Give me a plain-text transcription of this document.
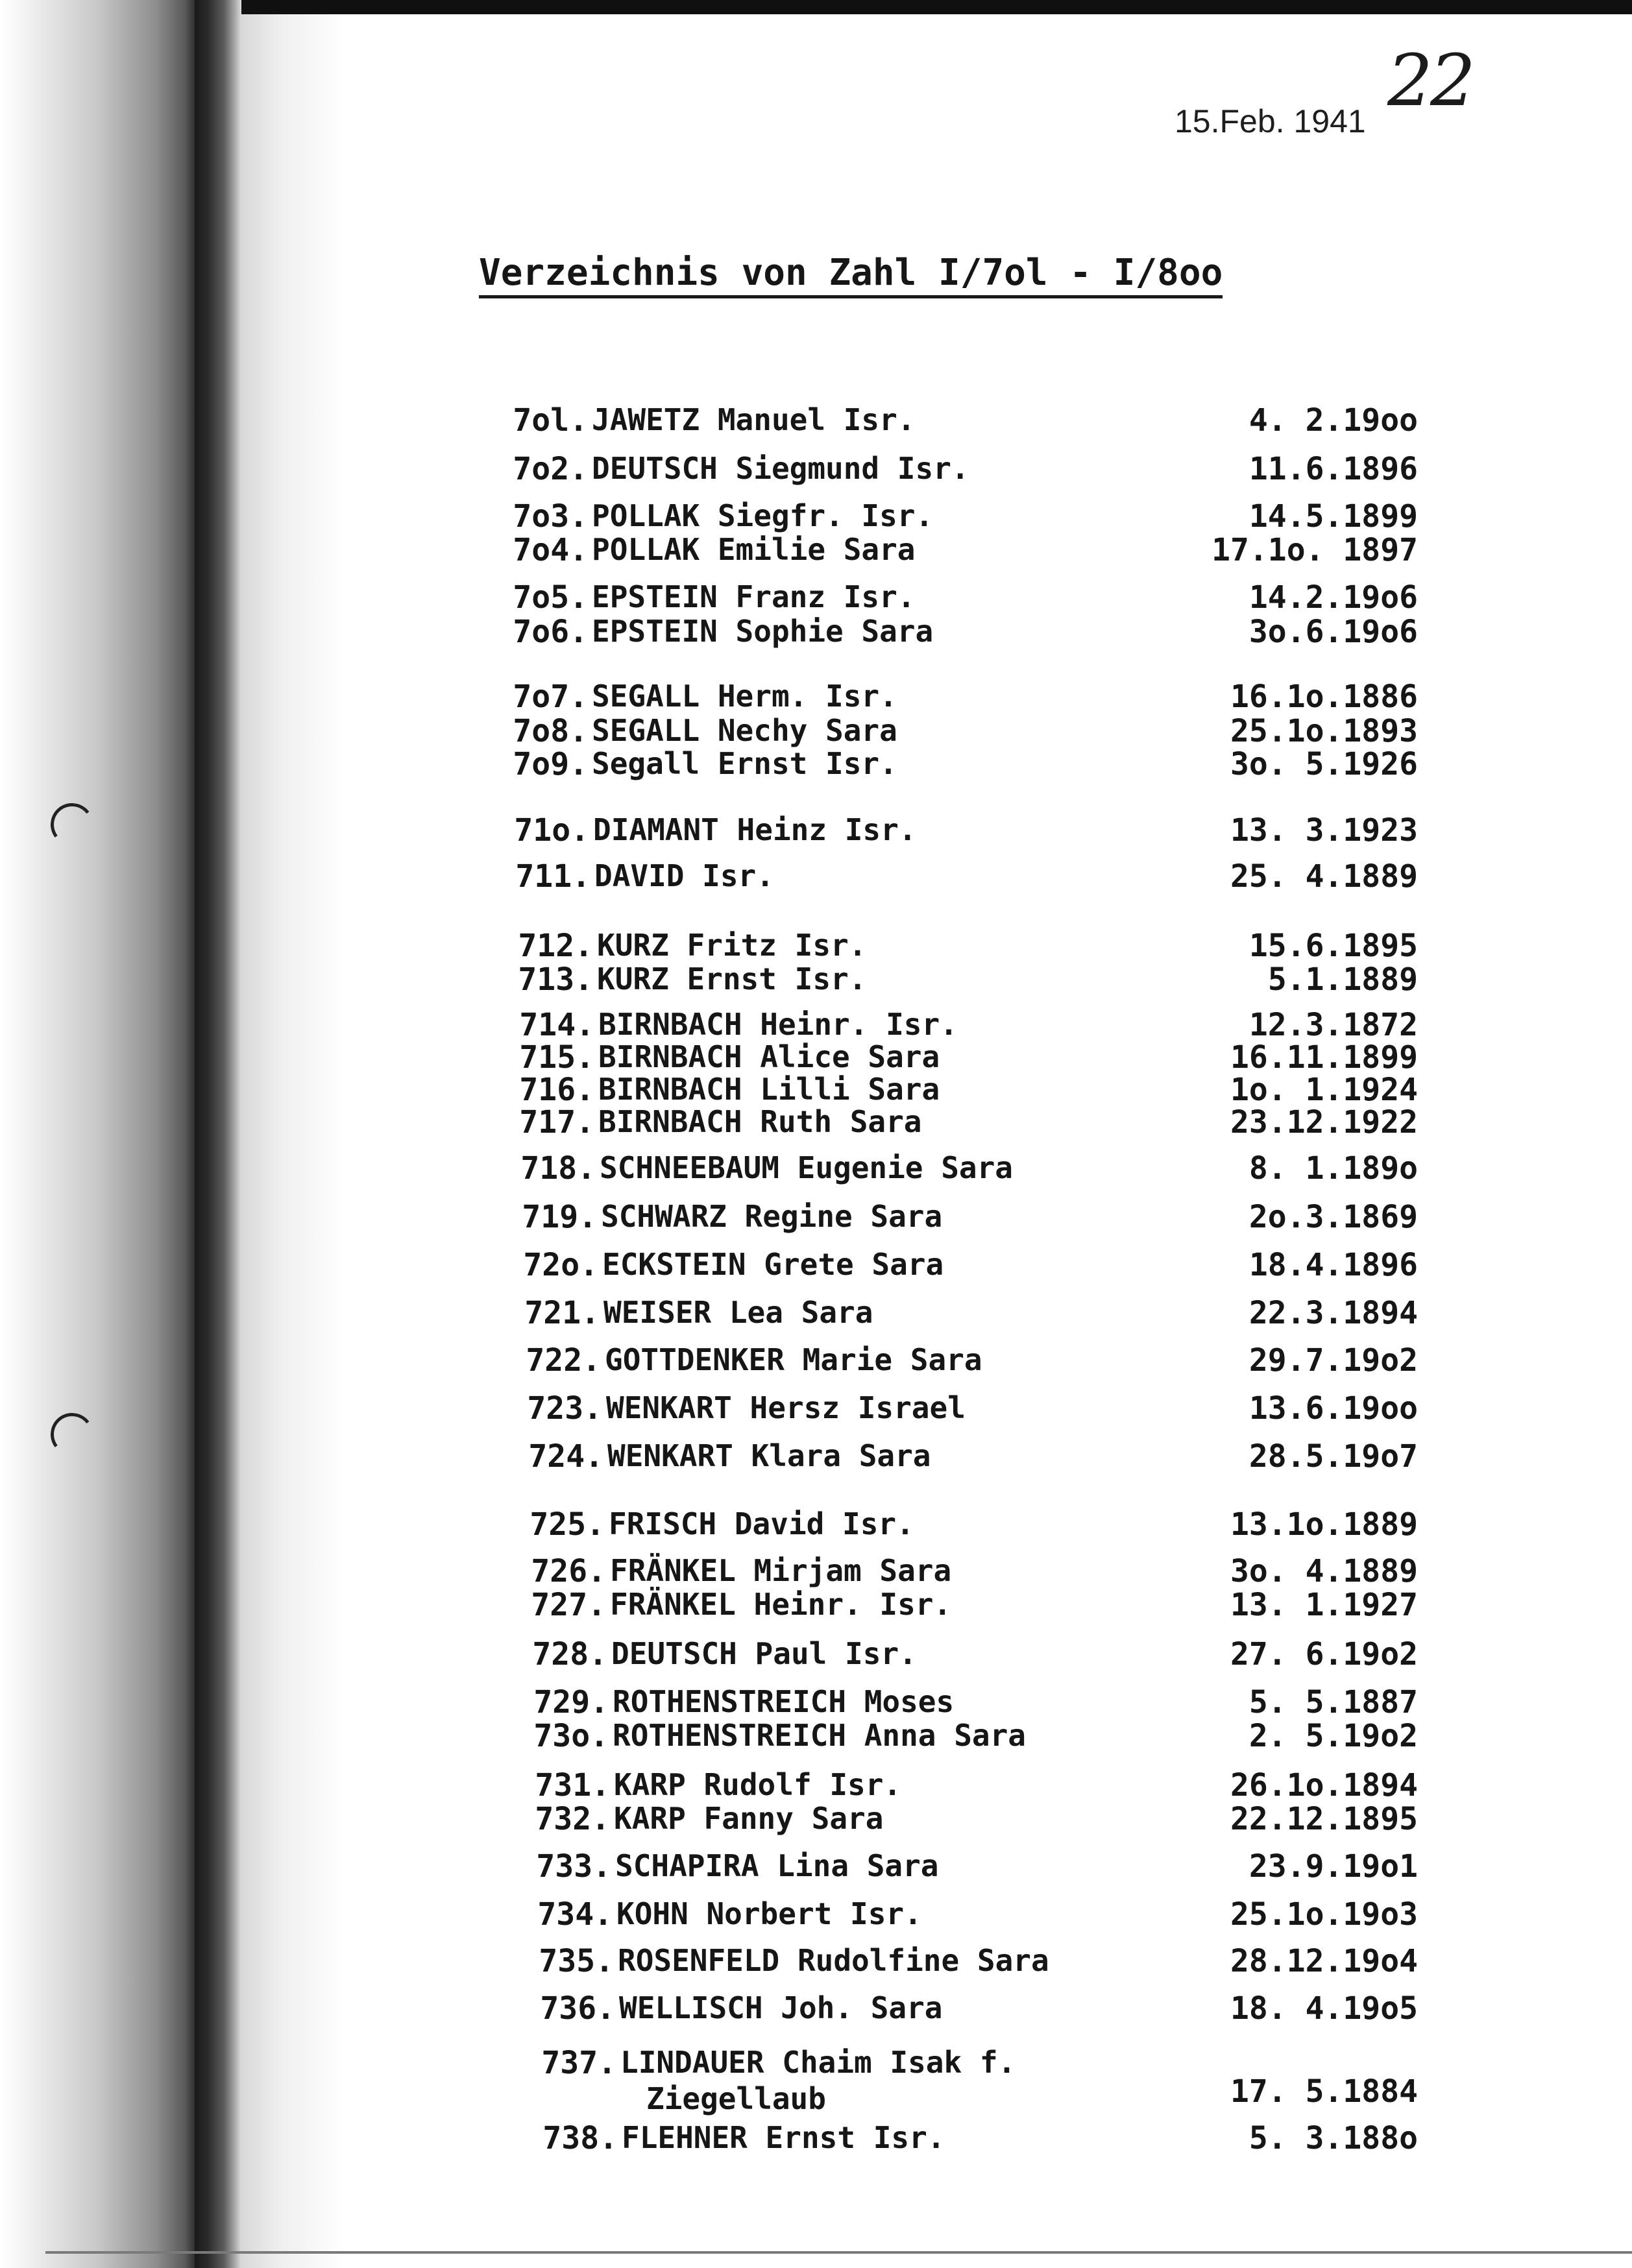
22
15.Feb. 1941
Verzeichnis von Zahl I/7ol - I/8oo
7ol. JAWETZ Manuel Isr.	4. 2.19oo
7o2. DEUTSCH Siegmund Isr.	11.6.1896
7o3. POLLAK Siegfr. Isr.	14.5.1899
7o4. POLLAK Emilie Sara	17.1o. 1897
7o5. EPSTEIN Franz Isr.	14.2.19o6
7o6. EPSTEIN Sophie Sara	3o.6.19o6
7o7. SEGALL Herm. Isr.	16.1o.1886
7o8. SEGALL Nechy Sara	25.1o.1893
7o9. Segall Ernst Isr.	3o. 5.1926
71o. DIAMANT Heinz Isr.	13. 3.1923
711. DAVID Isr.	25. 4.1889
712. KURZ Fritz Isr.	15.6.1895
713. KURZ Ernst Isr.	5.1.1889
714. BIRNBACH Heinr. Isr.	12.3.1872
715. BIRNBACH Alice Sara	16.11.1899
716. BIRNBACH Lilli Sara	1o. 1.1924
717. BIRNBACH Ruth Sara	23.12.1922
718. SCHNEEBAUM Eugenie Sara	8. 1.189o
719. SCHWARZ Regine Sara	2o.3.1869
72o. ECKSTEIN Grete Sara	18.4.1896
721. WEISER Lea Sara	22.3.1894
722. GOTTDENKER Marie Sara	29.7.19o2
723. WENKART Hersz Israel	13.6.19oo
724. WENKART Klara Sara	28.5.19o7
725. FRISCH David Isr.	13.1o.1889
726. FRÄNKEL Mirjam Sara	3o. 4.1889
727. FRÄNKEL Heinr. Isr.	13. 1.1927
728. DEUTSCH Paul Isr.	27. 6.19o2
729. ROTHENSTREICH Moses	5. 5.1887
73o. ROTHENSTREICH Anna Sara	2. 5.19o2
731. KARP Rudolf Isr.	26.1o.1894
732. KARP Fanny Sara	22.12.1895
733. SCHAPIRA Lina Sara	23.9.19o1
734. KOHN Norbert Isr.	25.1o.19o3
735. ROSENFELD Rudolfine Sara	28.12.19o4
736. WELLISCH Joh. Sara	18. 4.19o5
737. LINDAUER Chaim Isak f.
Ziegellaub	17. 5.1884
738. FLEHNER Ernst Isr.	5. 3.188o
